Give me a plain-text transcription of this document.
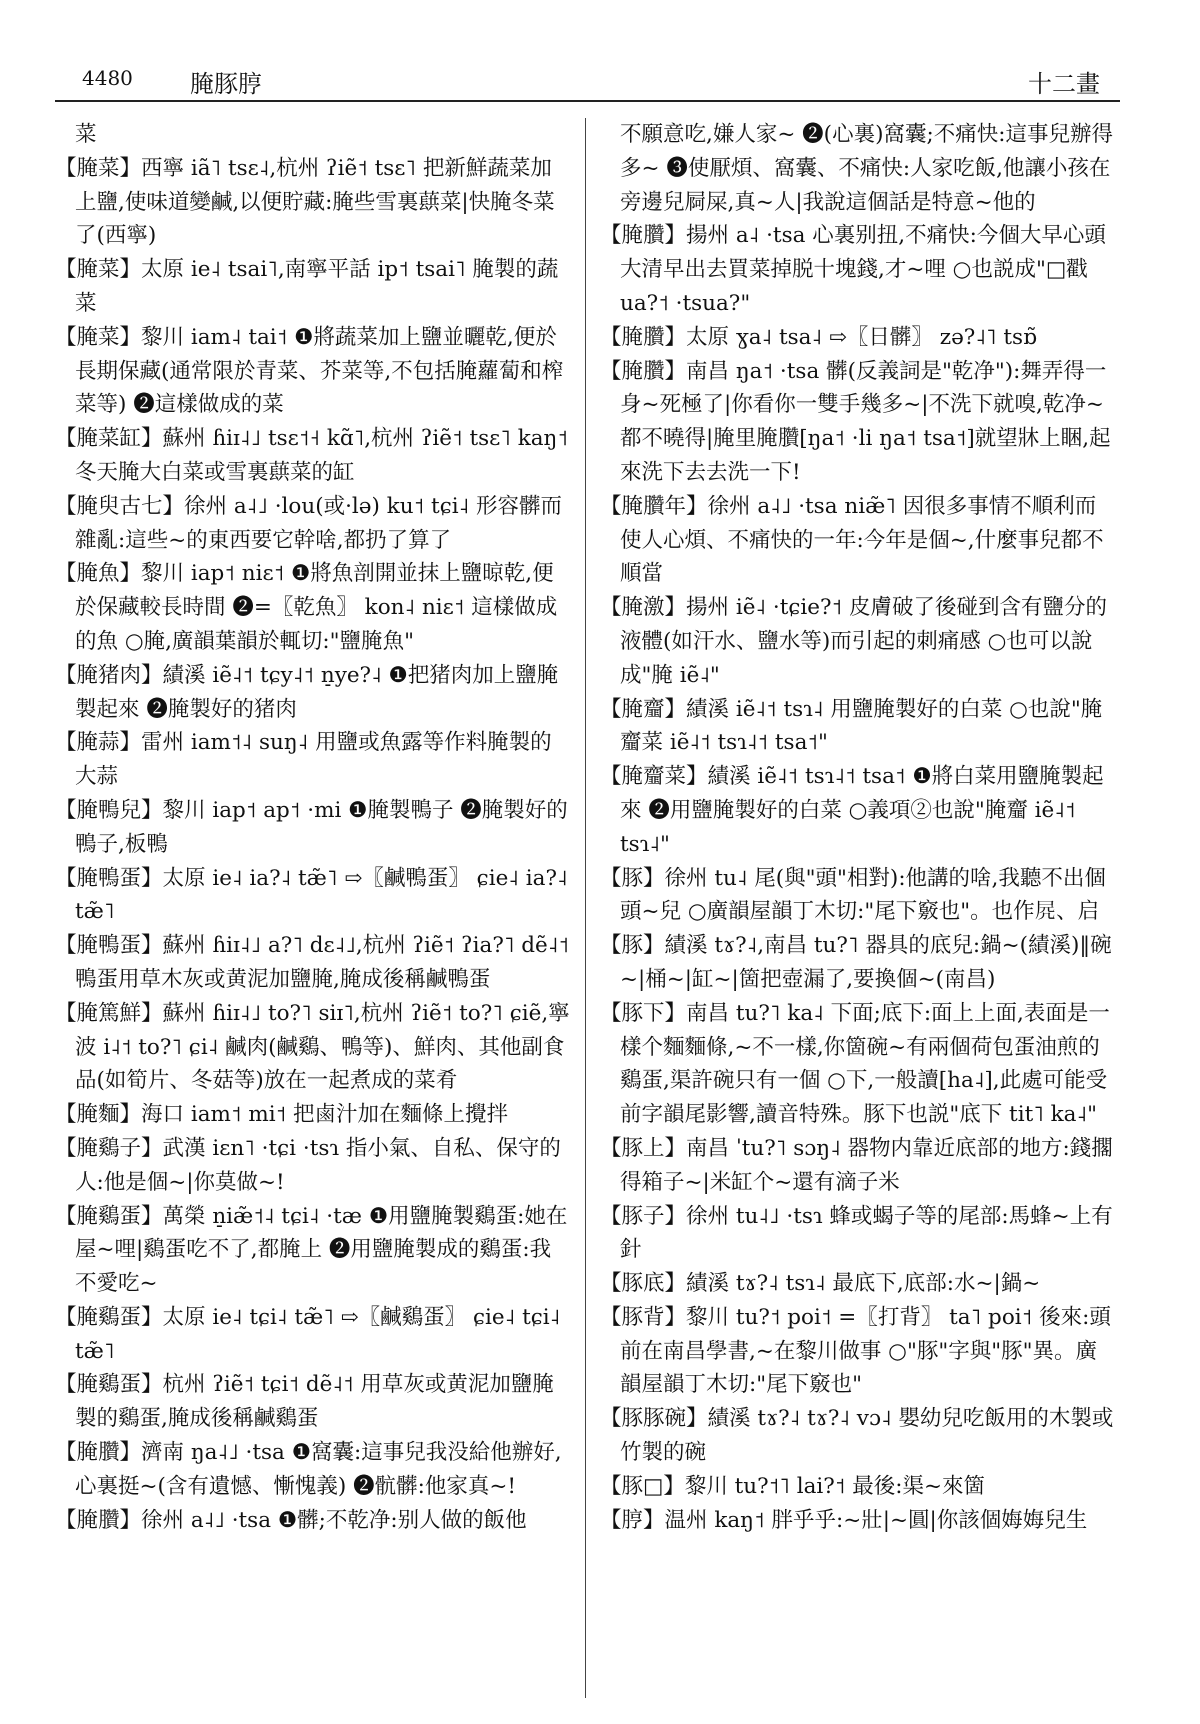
4480 腌豚脝	十二畫

菜

【腌菜】西寧 iã˥ tsɛ˨,杭州 ʔiẽ˦ tsɛ˥ 把新鮮蔬菜加上鹽,使味道變鹹,以便貯藏:腌些雪裏蕻菜|快腌冬菜了(西寧)

【腌菜】太原 ie˨ tsai˥,南寧平話 ip˦ tsai˥ 腌製的蔬菜

【腌菜】黎川 iam˨ tai˦ ❶將蔬菜加上鹽並曬乾,便於長期保藏(通常限於青菜、芥菜等,不包括腌蘿蔔和榨菜等) ❷這樣做成的菜

【腌菜缸】蘇州 ɦiɪ˨˩ tsɛ˦˧ kɑ̃˥,杭州 ʔiẽ˦ tsɛ˥ kaŋ˦ 冬天腌大白菜或雪裏蕻菜的缸

【腌臾古七】徐州 a˨˩ ·lou(或·lə) ku˦ tɕi˨ 形容髒而雜亂:這些~的東西要它幹啥,都扔了算了

【腌魚】黎川 iap˦ niɛ˦ ❶將魚剖開並抹上鹽晾乾,便於保藏較長時間 ❷=〖乾魚〗 kon˨ niɛ˦ 這樣做成的魚 ○腌,廣韻葉韻於輒切:"鹽腌魚"

【腌猪肉】績溪 iẽ˨˦ tɕy˨˦ n̠ye?˨ ❶把猪肉加上鹽腌製起來 ❷腌製好的猪肉

【腌蒜】雷州 iam˦˨ suŋ˨ 用鹽或魚露等作料腌製的大蒜

【腌鴨兒】黎川 iap˦ ap˦ ·mi ❶腌製鴨子 ❷腌製好的鴨子,板鴨

【腌鴨蛋】太原 ie˨ ia?˨ tæ̃˥ ⇨〖鹹鴨蛋〗 ɕie˨ ia?˨ tæ̃˥

【腌鴨蛋】蘇州 ɦiɪ˨˩ a?˥ dɛ˨˩,杭州 ʔiẽ˦ ʔia?˥ dẽ˨˦ 鴨蛋用草木灰或黄泥加鹽腌,腌成後稱鹹鴨蛋

【腌篤鮮】蘇州 ɦiɪ˨˩ to?˥ siɪ˥,杭州 ʔiẽ˦ to?˥ ɕiẽ,寧波 i˨˦ to?˥ ɕi˨ 鹹肉(鹹鷄、鴨等)、鮮肉、其他副食品(如筍片、冬菇等)放在一起煮成的菜肴

【腌麵】海口 iam˦ mi˦ 把鹵汁加在麵條上攪拌

【腌鷄子】武漢 iɛn˥ ·tɕi ·tsɿ 指小氣、自私、保守的人:他是個~|你莫做~!

【腌鷄蛋】萬榮 n̠iæ̃˦˨ tɕi˨ ·tæ ❶用鹽腌製鷄蛋:她在屋~哩|鷄蛋吃不了,都腌上 ❷用鹽腌製成的鷄蛋:我不愛吃~

【腌鷄蛋】太原 ie˨ tɕi˨ tæ̃˥ ⇨〖鹹鷄蛋〗 ɕie˨ tɕi˨ tæ̃˥

【腌鷄蛋】杭州 ʔiẽ˦ tɕi˦ dẽ˨˦ 用草灰或黄泥加鹽腌製的鷄蛋,腌成後稱鹹鷄蛋

【腌臢】濟南 ŋa˨˩ ·tsa ❶窩囊:這事兒我没給他辦好,心裏挺~(含有遺憾、慚愧義) ❷骯髒:他家真~!

【腌臢】徐州 a˨˩ ·tsa ❶髒;不乾净:别人做的飯他

不願意吃,嫌人家~ ❷(心裏)窩囊;不痛快:這事兒辦得多~ ❸使厭煩、窩囊、不痛快:人家吃飯,他讓小孩在旁邊兒屙屎,真~人|我說這個話是特意~他的

【腌臢】揚州 a˨ ·tsa 心裏别扭,不痛快:今個大早心頭大清早出去買菜掉脱十塊錢,才~哩 ○也説成"□戳 ua?˦ ·tsua?"

【腌臢】太原 ɣa˨ tsa˨ ⇨〖日髒〗 zə?˨˥ tsɒ̃

【腌臢】南昌 ŋa˦ ·tsa 髒(反義詞是"乾净"):舞弄得一身~死極了|你看你一雙手幾多~|不洗下就嗅,乾净~都不曉得|腌里腌臢[ŋa˦ ·li ŋa˦ tsa˦]就望牀上睏,起來洗下去去洗一下!

【腌臢年】徐州 a˨˩ ·tsa niæ̃˥ 因很多事情不順利而使人心煩、不痛快的一年:今年是個~,什麼事兒都不順當

【腌激】揚州 iẽ˨ ·tɕie?˦ 皮膚破了後碰到含有鹽分的液體(如汗水、鹽水等)而引起的刺痛感 ○也可以說成"腌 iẽ˨"

【腌齏】績溪 iẽ˨˦ tsɿ˨ 用鹽腌製好的白菜 ○也說"腌齏菜 iẽ˨˦ tsɿ˨˦ tsa˦"

【腌齏菜】績溪 iẽ˨˦ tsɿ˨˦ tsa˦ ❶將白菜用鹽腌製起來 ❷用鹽腌製好的白菜 ○義項②也說"腌齏 iẽ˨˦ tsɿ˨"

【豚】徐州 tu˨ 尾(與"頭"相對):他講的啥,我聽不出個頭~兒 ○廣韻屋韻丁木切:"尾下竅也"。也作𡱂、启

【豚】績溪 tɤ?˨,南昌 tu?˥ 器具的底兒:鍋~(績溪)‖碗~|桶~|缸~|箇把壺漏了,要換個~(南昌)

【豚下】南昌 tu?˥ ka˨ 下面;底下:面上上面,表面是一樣个麵麵條,~不一樣,你箇碗~有兩個荷包蛋油煎的鷄蛋,渠許碗只有一個 ○下,一般讀[ha˨],此處可能受前字韻尾影響,讀音特殊。豚下也説"底下 tit˥ ka˨"

【豚上】南昌 ˈtu?˥ sɔŋ˨ 器物内靠近底部的地方:錢擱得箱子~|米缸个~還有滴子米

【豚子】徐州 tu˨˩ ·tsɿ 蜂或蝎子等的尾部:馬蜂~上有針

【豚底】績溪 tɤ?˨ tsɿ˨ 最底下,底部:水~|鍋~

【豚背】黎川 tu?˦ poi˦ =〖打背〗 ta˥ poi˦ 後來:頭前在南昌學書,~在黎川做事 ○"豚"字與"豚"異。廣韻屋韻丁木切:"尾下竅也"

【豚豚碗】績溪 tɤ?˨ tɤ?˨ vɔ˨ 嬰幼兒吃飯用的木製或竹製的碗

【豚□】黎川 tu?˦˥ lai?˦ 最後:渠~來箇

【脝】温州 kaŋ˦ 胖乎乎:~壯|~圓|你該個娒娒兒生
